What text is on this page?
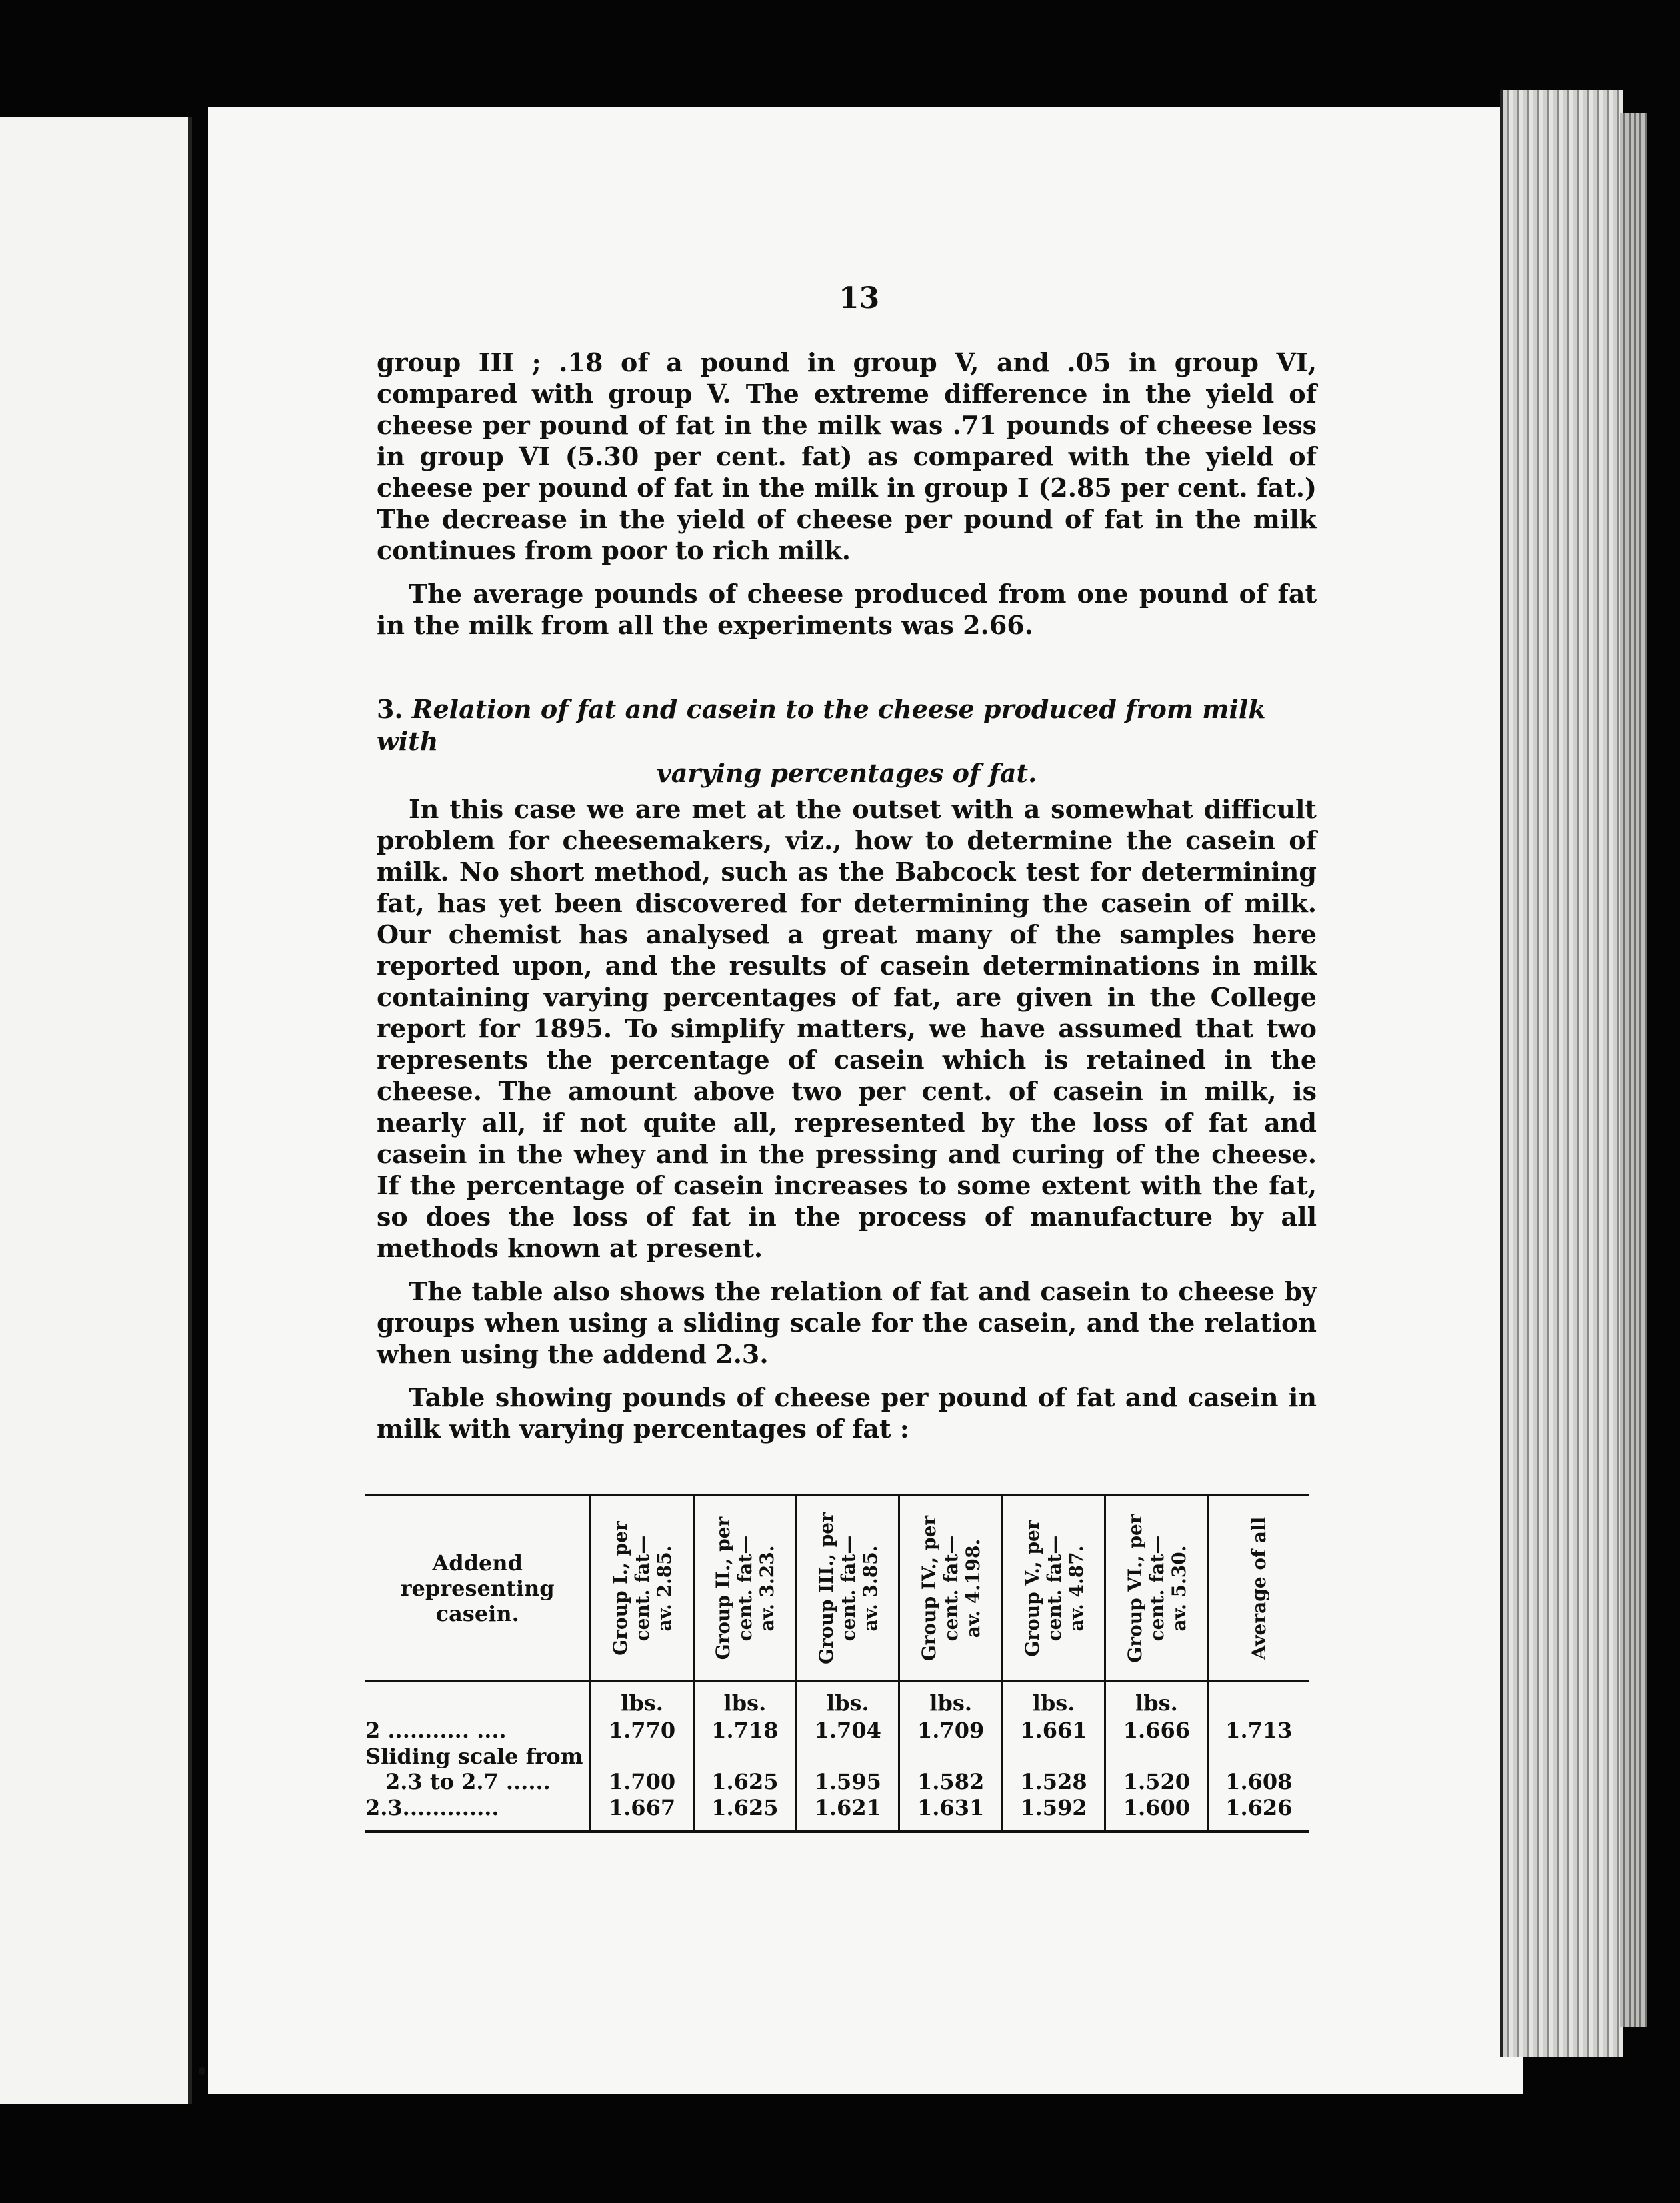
13

group III ; .18 of a pound in group V, and .05 in group VI, compared with group V. The extreme difference in the yield of cheese per pound of fat in the milk was .71 pounds of cheese less in group VI (5.30 per cent. fat) as compared with the yield of cheese per pound of fat in the milk in group I (2.85 per cent. fat.) The decrease in the yield of cheese per pound of fat in the milk continues from poor to rich milk.

The average pounds of cheese produced from one pound of fat in the milk from all the experiments was 2.66.

3. Relation of fat and casein to the cheese produced from milk with
varying percentages of fat.

In this case we are met at the outset with a somewhat difficult problem for cheesemakers, viz., how to determine the casein of milk. No short method, such as the Babcock test for determining fat, has yet been discovered for determining the casein of milk. Our chemist has analysed a great many of the samples here reported upon, and the results of casein determinations in milk containing varying percentages of fat, are given in the College report for 1895. To simplify matters, we have assumed that two represents the percentage of casein which is retained in the cheese. The amount above two per cent. of casein in milk, is nearly all, if not quite all, represented by the loss of fat and casein in the whey and in the pressing and curing of the cheese. If the percentage of casein increases to some extent with the fat, so does the loss of fat in the process of manufacture by all methods known at present.

The table also shows the relation of fat and casein to cheese by groups when using a sliding scale for the casein, and the relation when using the addend 2.3.

Table showing pounds of cheese per pound of fat and casein in milk with varying percentages of fat :

Addend representing casein.	Group I., per cent. fat— av. 2.85.	Group II., per cent. fat— av. 3.23.	Group III., per cent. fat— av. 3.85.	Group IV., per cent. fat— av. 4.198.	Group V., per cent. fat— av. 4.87.	Group VI., per cent. fat— av. 5.30.	Average of all

	lbs.	lbs.	lbs.	lbs.	lbs.	lbs.	
2 ........... ....	1.770	1.718	1.704	1.709	1.661	1.666	1.713

Sliding scale from
2.3 to 2.7 ......	1.700	1.625	1.595	1.582	1.528	1.520	1.608
2.3.............	1.667	1.625	1.621	1.631	1.592	1.600	1.626
